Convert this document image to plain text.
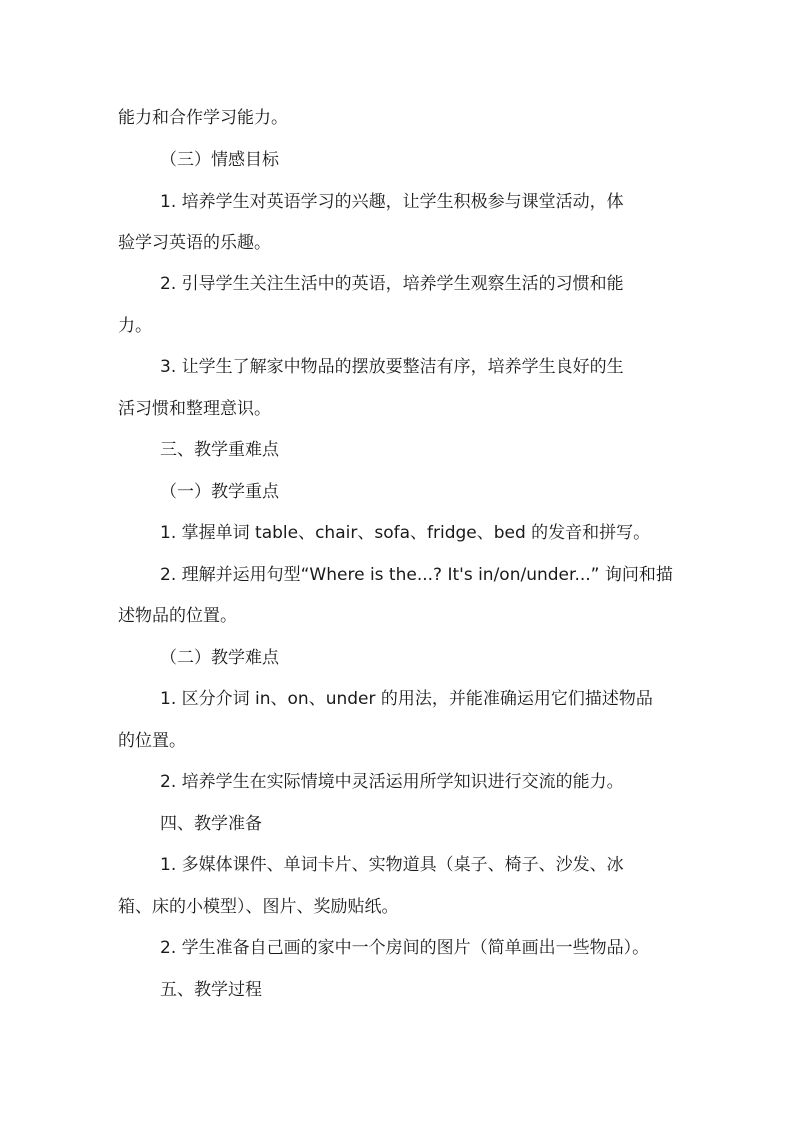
能力和合作学习能力。
（三）情感目标
1. 培养学生对英语学习的兴趣，让学生积极参与课堂活动，体
验学习英语的乐趣。
2. 引导学生关注生活中的英语，培养学生观察生活的习惯和能
力。
3. 让学生了解家中物品的摆放要整洁有序，培养学生良好的生
活习惯和整理意识。
三、教学重难点
（一）教学重点
1. 掌握单词 table、chair、sofa、fridge、bed 的发音和拼写。
2. 理解并运用句型“Where is the...? It's in/on/under...” 询问和描
述物品的位置。
（二）教学难点
1. 区分介词 in、on、under 的用法，并能准确运用它们描述物品
的位置。
2. 培养学生在实际情境中灵活运用所学知识进行交流的能力。
四、教学准备
1. 多媒体课件、单词卡片、实物道具（桌子、椅子、沙发、冰
箱、床的小模型）、图片、奖励贴纸。
2. 学生准备自己画的家中一个房间的图片（简单画出一些物品）。
五、教学过程
